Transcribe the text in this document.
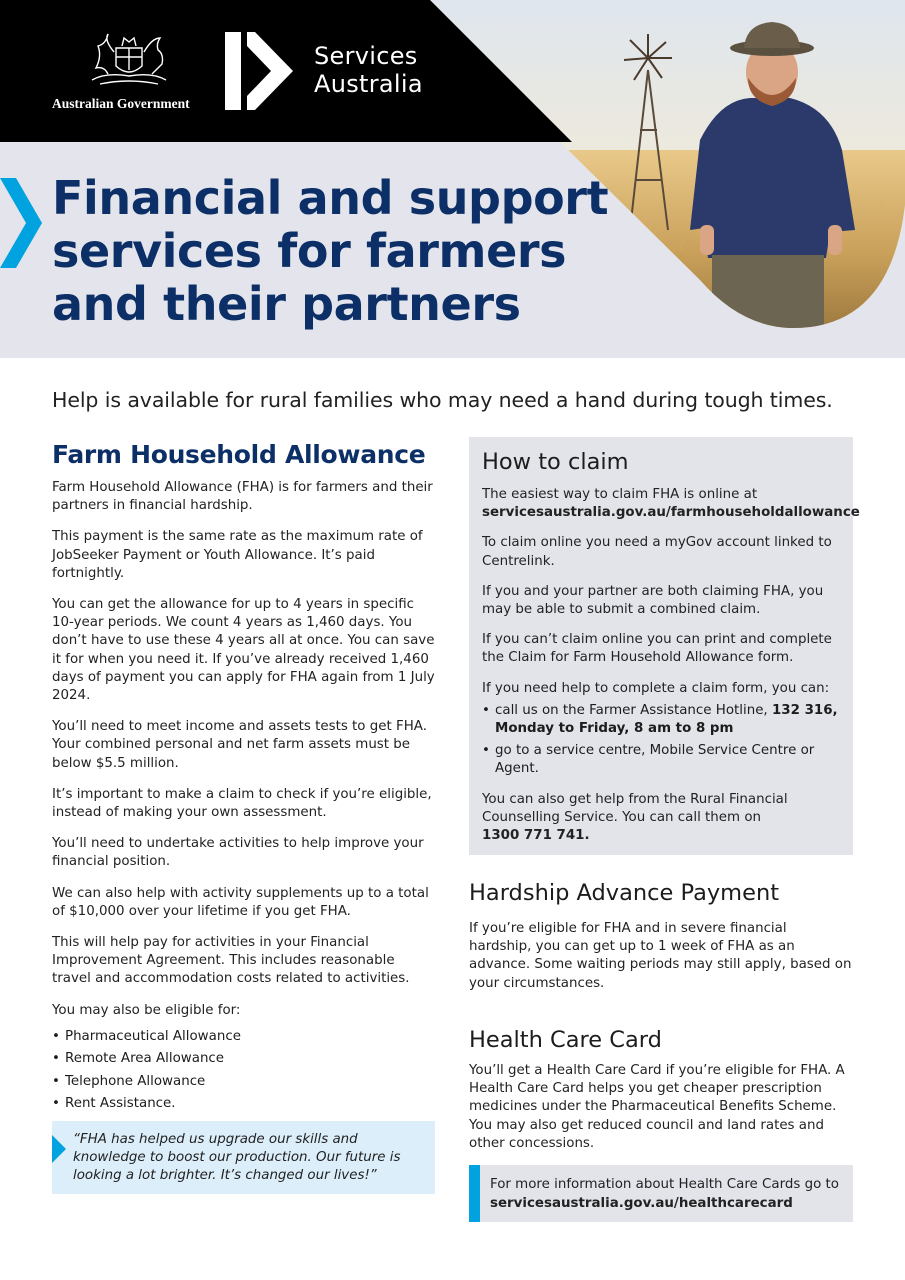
Australian Government
Services
Australia
Financial and support
services for farmers
and their partners

Help is available for rural families who may need a hand during tough times.

Farm Household Allowance

Farm Household Allowance (FHA) is for farmers and their partners in financial hardship.

This payment is the same rate as the maximum rate of JobSeeker Payment or Youth Allowance. It’s paid fortnightly.

You can get the allowance for up to 4 years in specific 10-year periods. We count 4 years as 1,460 days. You don’t have to use these 4 years all at once. You can save it for when you need it. If you’ve already received 1,460 days of payment you can apply for FHA again from 1 July 2024.

You’ll need to meet income and assets tests to get FHA. Your combined personal and net farm assets must be below $5.5 million.

It’s important to make a claim to check if you’re eligible, instead of making your own assessment.

You’ll need to undertake activities to help improve your financial position.

We can also help with activity supplements up to a total of $10,000 over your lifetime if you get FHA.

This will help pay for activities in your Financial Improvement Agreement. This includes reasonable travel and accommodation costs related to activities.

You may also be eligible for:

• Pharmaceutical Allowance
• Remote Area Allowance
• Telephone Allowance
• Rent Assistance.

“FHA has helped us upgrade our skills and knowledge to boost our production. Our future is looking a lot brighter. It’s changed our lives!”

How to claim

The easiest way to claim FHA is online at
servicesaustralia.gov.au/farmhouseholdallowance

To claim online you need a myGov account linked to Centrelink.

If you and your partner are both claiming FHA, you may be able to submit a combined claim.

If you can’t claim online you can print and complete the Claim for Farm Household Allowance form.

If you need help to complete a claim form, you can:

• call us on the Farmer Assistance Hotline, 132 316, Monday to Friday, 8 am to 8 pm
• go to a service centre, Mobile Service Centre or Agent.

You can also get help from the Rural Financial Counselling Service. You can call them on
1300 771 741.

Hardship Advance Payment

If you’re eligible for FHA and in severe financial hardship, you can get up to 1 week of FHA as an advance. Some waiting periods may still apply, based on your circumstances.

Health Care Card

You’ll get a Health Care Card if you’re eligible for FHA. A Health Care Card helps you get cheaper prescription medicines under the Pharmaceutical Benefits Scheme. You may also get reduced council and land rates and other concessions.

For more information about Health Care Cards go to servicesaustralia.gov.au/healthcarecard
